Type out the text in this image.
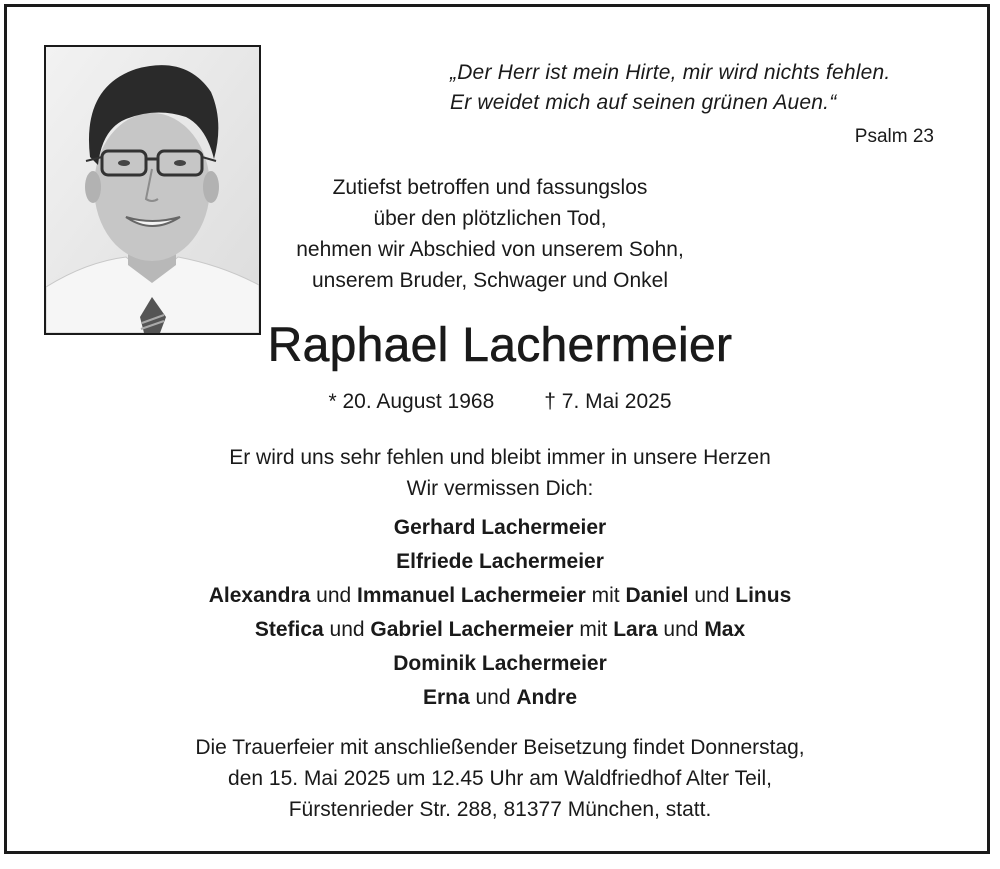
„Der Herr ist mein Hirte, mir wird nichts fehlen.
Er weidet mich auf seinen grünen Auen.“
Psalm 23
Zutiefst betroffen und fassungslos
über den plötzlichen Tod,
nehmen wir Abschied von unserem Sohn,
unserem Bruder, Schwager und Onkel
Raphael Lachermeier
* 20. August 1968 † 7. Mai 2025
Er wird uns sehr fehlen und bleibt immer in unsere Herzen
Wir vermissen Dich:
Gerhard Lachermeier
Elfriede Lachermeier
Alexandra und Immanuel Lachermeier mit Daniel und Linus
Stefica und Gabriel Lachermeier mit Lara und Max
Dominik Lachermeier
Erna und Andre
Die Trauerfeier mit anschließender Beisetzung findet Donnerstag,
den 15. Mai 2025 um 12.45 Uhr am Waldfriedhof Alter Teil,
Fürstenrieder Str. 288, 81377 München, statt.
